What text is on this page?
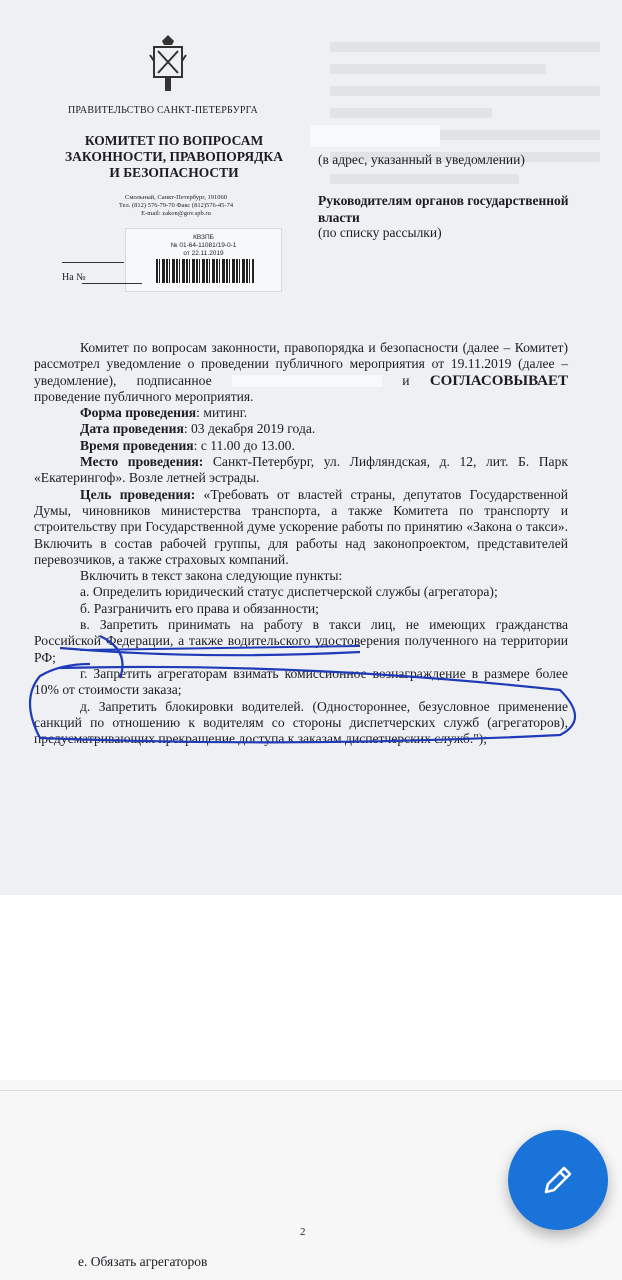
ПРАВИТЕЛЬСТВО САНКТ-ПЕТЕРБУРГА
КОМИТЕТ ПО ВОПРОСАМ
ЗАКОННОСТИ, ПРАВОПОРЯДКА
И БЕЗОПАСНОСТИ
Смольный, Санкт-Петербург, 191060
Тел. (812) 576-79-70 Факс (812)576-45-74
E-mail: zakon@gov.spb.ru
КВЗПБ
№ 01-64-11081/19-0-1
от 22.11.2019
На №
(в адрес, указанный в уведомлении)
Руководителям органов государственной власти
(по списку рассылки)

Комитет по вопросам законности, правопорядка и безопасности (далее – Комитет) рассмотрел уведомление о проведении публичного мероприятия от 19.11.2019 (далее – уведомление), подписанное	и СОГЛАСОВЫВАЕТ проведение публичного мероприятия.

Форма проведения: митинг.

Дата проведения: 03 декабря 2019 года.

Время проведения: с 11.00 до 13.00.

Место проведения: Санкт-Петербург, ул. Лифляндская, д. 12, лит. Б. Парк «Екатерингоф». Возле летней эстрады.

Цель проведения: «Требовать от властей страны, депутатов Государственной Думы, чиновников министерства транспорта, а также Комитета по транспорту и строительству при Государственной думе ускорение работы по принятию «Закона о такси». Включить в состав рабочей группы, для работы над законопроектом, представителей перевозчиков, а также страховых компаний.

Включить в текст закона следующие пункты:

а. Определить юридический статус диспетчерской службы (агрегатора);

б. Разграничить его права и обязанности;

в. Запретить принимать на работу в такси лиц, не имеющих гражданства Российской Федерации, а также водительского удостоверения полученного на территории РФ;

г. Запретить агрегаторам взимать комиссионное вознаграждение в размере более 10% от стоимости заказа;

д. Запретить блокировки водителей. (Одностороннее, безусловное применение санкций по отношению к водителям со стороны диспетчерских служб (агрегаторов), предусматривающих прекращение доступа к заказам диспетчерских служб.");

2
е. Обязать агрегаторов
